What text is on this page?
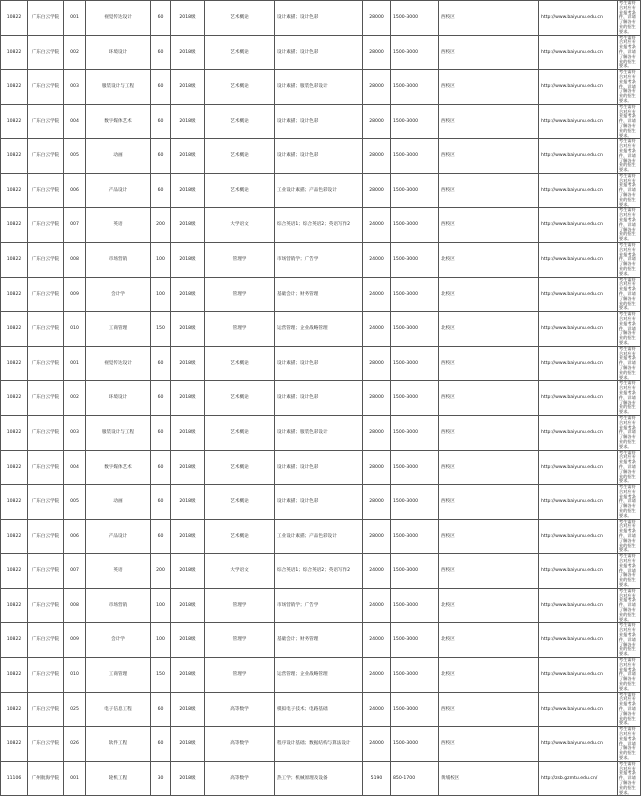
10822	广东白云学院	001	视觉传达设计	60	2018级	艺术概论	设计素描；设计色彩	28000	1500-3000	西校区	http://www.baiyunu.edu.cn	考生需符合对应专业报考条件，详请了解各专业的招生要求。
10822	广东白云学院	002	环境设计	60	2018级	艺术概论	设计素描；设计色彩	28000	1500-3000	西校区	http://www.baiyunu.edu.cn	考生需符合对应专业报考条件，详请了解各专业的招生要求。
10822	广东白云学院	003	服装设计与工程	60	2018级	艺术概论	设计素描；服装色彩设计	28000	1500-3000	西校区	http://www.baiyunu.edu.cn	考生需符合对应专业报考条件，详请了解各专业的招生要求。
10822	广东白云学院	004	数字媒体艺术	60	2018级	艺术概论	设计素描；设计色彩	28000	1500-3000	西校区	http://www.baiyunu.edu.cn	考生需符合对应专业报考条件，详请了解各专业的招生要求。
10822	广东白云学院	005	动画	60	2018级	艺术概论	设计素描；设计色彩	28000	1500-3000	西校区	http://www.baiyunu.edu.cn	考生需符合对应专业报考条件，详请了解各专业的招生要求。
10822	广东白云学院	006	产品设计	60	2018级	艺术概论	工业设计素描；产品色彩设计	28000	1500-3000	西校区	http://www.baiyunu.edu.cn	考生需符合对应专业报考条件，详请了解各专业的招生要求。
10822	广东白云学院	007	英语	200	2018级	大学语文	综合英语1；综合英语2；英语写作2	24000	1500-3000	西校区	http://www.baiyunu.edu.cn	考生需符合对应专业报考条件，详请了解各专业的招生要求。
10822	广东白云学院	008	市场营销	100	2018级	管理学	市场营销学；广告学	24000	1500-3000	北校区	http://www.baiyunu.edu.cn	考生需符合对应专业报考条件，详请了解各专业的招生要求。
10822	广东白云学院	009	会计学	100	2018级	管理学	基础会计；财务管理	24000	1500-3000	北校区	http://www.baiyunu.edu.cn	考生需符合对应专业报考条件，详请了解各专业的招生要求。
10822	广东白云学院	010	工商管理	150	2018级	管理学	运营管理；企业战略管理	24000	1500-3000	北校区	http://www.baiyunu.edu.cn	考生需符合对应专业报考条件，详请了解各专业的招生要求。
10822	广东白云学院	001	视觉传达设计	60	2018级	艺术概论	设计素描；设计色彩	28000	1500-3000	西校区	http://www.baiyunu.edu.cn	考生需符合对应专业报考条件，详请了解各专业的招生要求。
10822	广东白云学院	002	环境设计	60	2018级	艺术概论	设计素描；设计色彩	28000	1500-3000	西校区	http://www.baiyunu.edu.cn	考生需符合对应专业报考条件，详请了解各专业的招生要求。
10822	广东白云学院	003	服装设计与工程	60	2018级	艺术概论	设计素描；服装色彩设计	28000	1500-3000	西校区	http://www.baiyunu.edu.cn	考生需符合对应专业报考条件，详请了解各专业的招生要求。
10822	广东白云学院	004	数字媒体艺术	60	2018级	艺术概论	设计素描；设计色彩	28000	1500-3000	西校区	http://www.baiyunu.edu.cn	考生需符合对应专业报考条件，详请了解各专业的招生要求。
10822	广东白云学院	005	动画	60	2018级	艺术概论	设计素描；设计色彩	28000	1500-3000	西校区	http://www.baiyunu.edu.cn	考生需符合对应专业报考条件，详请了解各专业的招生要求。
10822	广东白云学院	006	产品设计	60	2018级	艺术概论	工业设计素描；产品色彩设计	28000	1500-3000	西校区	http://www.baiyunu.edu.cn	考生需符合对应专业报考条件，详请了解各专业的招生要求。
10822	广东白云学院	007	英语	200	2018级	大学语文	综合英语1；综合英语2；英语写作2	24000	1500-3000	西校区	http://www.baiyunu.edu.cn	考生需符合对应专业报考条件，详请了解各专业的招生要求。
10822	广东白云学院	008	市场营销	100	2018级	管理学	市场营销学；广告学	24000	1500-3000	北校区	http://www.baiyunu.edu.cn	考生需符合对应专业报考条件，详请了解各专业的招生要求。
10822	广东白云学院	009	会计学	100	2018级	管理学	基础会计；财务管理	24000	1500-3000	北校区	http://www.baiyunu.edu.cn	考生需符合对应专业报考条件，详请了解各专业的招生要求。
10822	广东白云学院	010	工商管理	150	2018级	管理学	运营管理；企业战略管理	24000	1500-3000	北校区	http://www.baiyunu.edu.cn	考生需符合对应专业报考条件，详请了解各专业的招生要求。
10822	广东白云学院	025	电子信息工程	60	2018级	高等数学	模拟电子技术；电路基础	24000	1500-3000	西校区	http://www.baiyunu.edu.cn	考生需符合对应专业报考条件，详请了解各专业的招生要求。
10822	广东白云学院	026	软件工程	60	2018级	高等数学	程序设计基础；数据结构与算法设计	24000	1500-3000	西校区	http://www.baiyunu.edu.cn	考生需符合对应专业报考条件，详请了解各专业的招生要求。
11106	广州航海学院	001	轮机工程	30	2018级	高等数学	热工学；机械原理及设备	5190	850-1700	黄埔校区	http://zsb.gzmtu.edu.cn/	考生需符合对应专业报考条件，详请了解各专业的招生要求。
